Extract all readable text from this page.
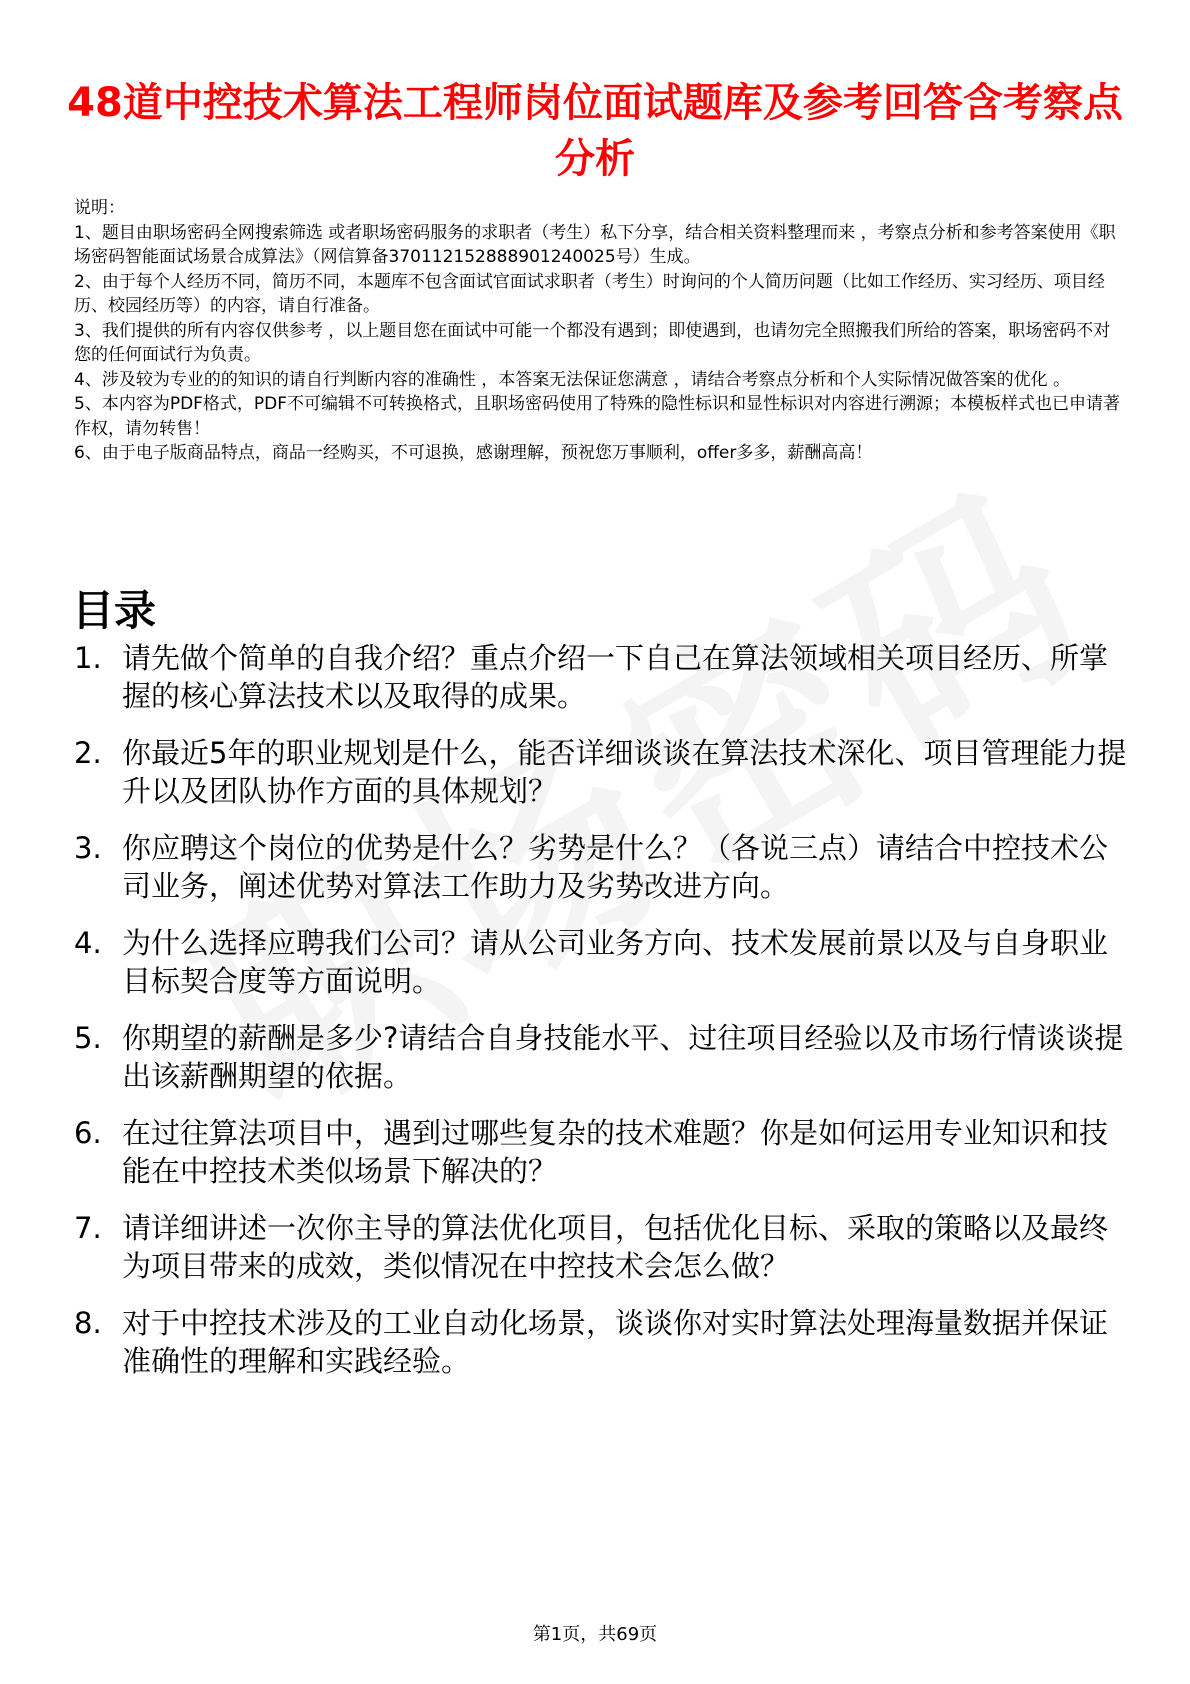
48道中控技术算法工程师岗位面试题库及参考回答含考察点分析
说明：
1、题目由职场密码全网搜索筛选 或者职场密码服务的求职者（考生）私下分享，结合相关资料整理而来 ，考察点分析和参考答案使用《职场密码智能面试场景合成算法》（网信算备370112152888901240025号）生成。
2、由于每个人经历不同，简历不同，本题库不包含面试官面试求职者（考生）时询问的个人简历问题（比如工作经历、实习经历、项目经历、校园经历等）的内容，请自行准备。
3、我们提供的所有内容仅供参考 ，以上题目您在面试中可能一个都没有遇到；即使遇到，也请勿完全照搬我们所给的答案，职场密码不对您的任何面试行为负责。
4、涉及较为专业的的知识的请自行判断内容的准确性 ，本答案无法保证您满意 ，请结合考察点分析和个人实际情况做答案的优化 。
5、本内容为PDF格式，PDF不可编辑不可转换格式，且职场密码使用了特殊的隐性标识和显性标识对内容进行溯源；本模板样式也已申请著作权，请勿转售！
6、由于电子版商品特点，商品一经购买，不可退换，感谢理解，预祝您万事顺利，offer多多，薪酬高高！
目录
1. 请先做个简单的自我介绍？重点介绍一下自己在算法领域相关项目经历、所掌握的核心算法技术以及取得的成果。
2. 你最近5年的职业规划是什么，能否详细谈谈在算法技术深化、项目管理能力提升以及团队协作方面的具体规划？
3. 你应聘这个岗位的优势是什么？劣势是什么？（各说三点）请结合中控技术公司业务，阐述优势对算法工作助力及劣势改进方向。
4. 为什么选择应聘我们公司？请从公司业务方向、技术发展前景以及与自身职业目标契合度等方面说明。
5. 你期望的薪酬是多少?请结合自身技能水平、过往项目经验以及市场行情谈谈提出该薪酬期望的依据。
6. 在过往算法项目中，遇到过哪些复杂的技术难题？你是如何运用专业知识和技能在中控技术类似场景下解决的？
7. 请详细讲述一次你主导的算法优化项目，包括优化目标、采取的策略以及最终为项目带来的成效，类似情况在中控技术会怎么做？
8. 对于中控技术涉及的工业自动化场景，谈谈你对实时算法处理海量数据并保证准确性的理解和实践经验。
第1页，共69页
